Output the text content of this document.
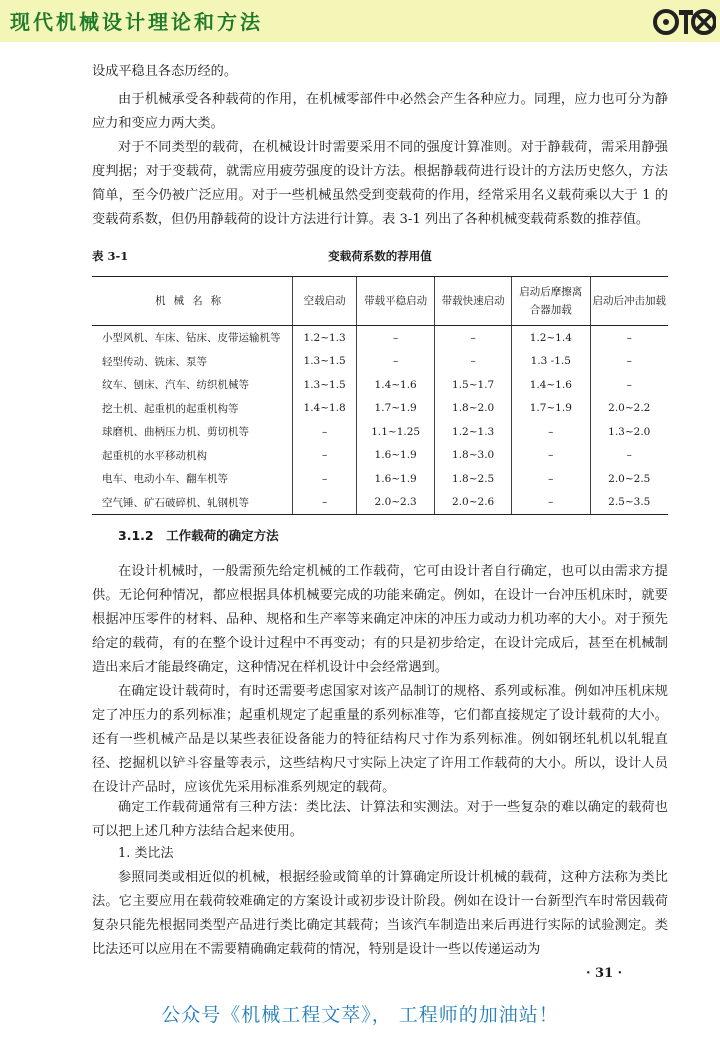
现代机械设计理论和方法

设成平稳且各态历经的。

由于机械承受各种载荷的作用，在机械零部件中必然会产生各种应力。同理，应力也可分为静应力和变应力两大类。

对于不同类型的载荷，在机械设计时需要采用不同的强度计算准则。对于静载荷，需采用静强度判据；对于变载荷，就需应用疲劳强度的设计方法。根据静载荷进行设计的方法历史悠久，方法简单，至今仍被广泛应用。对于一些机械虽然受到变载荷的作用，经常采用名义载荷乘以大于 1 的变载荷系数，但仍用静载荷的设计方法进行计算。表 3-1 列出了各种机械变载荷系数的推荐值。

表 3-1	变载荷系数的荐用值
机械名称	空载启动	带载平稳启动	带载快速启动	启动后摩擦离合器加载	启动后冲击加载
小型风机、车床、钻床、皮带运输机等	1.2~1.3	–	–	1.2~1.4	–
轻型传动、铣床、泵等	1.3~1.5	–	–	1.3 -1.5	–
纹车、刨床、汽车、纺织机械等	1.3~1.5	1.4~1.6	1.5~1.7	1.4~1.6	–
挖土机、起重机的起重机构等	1.4~1.8	1.7~1.9	1.8~2.0	1.7~1.9	2.0~2.2
球磨机、曲柄压力机、剪切机等	–	1.1~1.25	1.2~1.3	–	1.3~2.0
起重机的水平移动机构	–	1.6~1.9	1.8~3.0	–	–
电车、电动小车、翻车机等	–	1.6~1.9	1.8~2.5	–	2.0~2.5
空气锤、矿石破碎机、轧钢机等	–	2.0~2.3	2.0~2.6	–	2.5~3.5
3.1.2　工作载荷的确定方法

在设计机械时，一般需预先给定机械的工作载荷，它可由设计者自行确定，也可以由需求方提供。无论何种情况，都应根据具体机械要完成的功能来确定。例如，在设计一台冲压机床时，就要根据冲压零件的材料、品种、规格和生产率等来确定冲床的冲压力或动力机功率的大小。对于预先给定的载荷，有的在整个设计过程中不再变动；有的只是初步给定，在设计完成后，甚至在机械制造出来后才能最终确定，这种情况在样机设计中会经常遇到。

在确定设计载荷时，有时还需要考虑国家对该产品制订的规格、系列或标准。例如冲压机床规定了冲压力的系列标准；起重机规定了起重量的系列标准等，它们都直接规定了设计载荷的大小。还有一些机械产品是以某些表征设备能力的特征结构尺寸作为系列标准。例如钢坯轧机以轧辊直径、挖掘机以铲斗容量等表示，这些结构尺寸实际上决定了许用工作载荷的大小。所以，设计人员在设计产品时，应该优先采用标准系列规定的载荷。

确定工作载荷通常有三种方法：类比法、计算法和实测法。对于一些复杂的难以确定的载荷也可以把上述几种方法结合起来使用。

1. 类比法

参照同类或相近似的机械，根据经验或简单的计算确定所设计机械的载荷，这种方法称为类比法。它主要应用在载荷较难确定的方案设计或初步设计阶段。例如在设计一台新型汽车时常因载荷复杂只能先根据同类型产品进行类比确定其载荷；当该汽车制造出来后再进行实际的试验测定。类比法还可以应用在不需要精确确定载荷的情况，特别是设计一些以传递运动为

· 31 ·
公众号《机械工程文萃》， 工程师的加油站！
